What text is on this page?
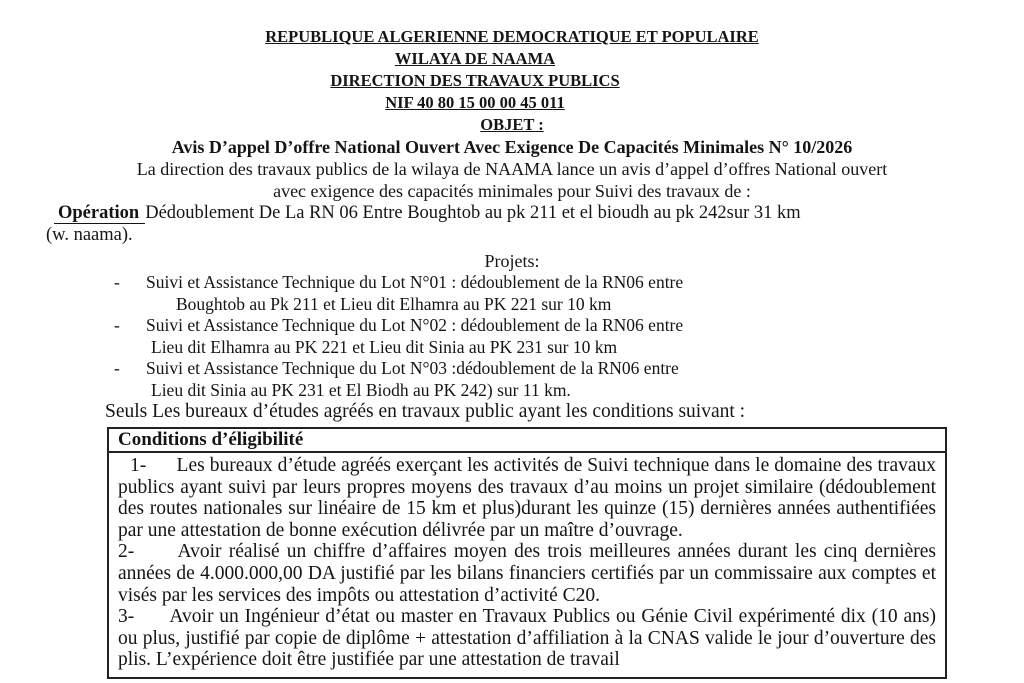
REPUBLIQUE ALGERIENNE DEMOCRATIQUE ET POPULAIRE
WILAYA DE NAAMA
DIRECTION DES TRAVAUX PUBLICS
NIF 40 80 15 00 00 45 011
OBJET :
Avis D’appel D’offre National Ouvert Avec Exigence De Capacités Minimales N° 10/2026
La direction des travaux publics de la wilaya de NAAMA lance un avis d’appel d’offres National ouvert
avec exigence des capacités minimales pour Suivi des travaux de :
Opération Dédoublement De La RN 06 Entre Boughtob au pk 211 et el bioudh au pk 242sur 31 km
(w. naama).
Projets:
- Suivi et Assistance Technique du Lot N°01 : dédoublement de la RN06 entre
Boughtob au Pk 211 et Lieu dit Elhamra au PK 221 sur 10 km
- Suivi et Assistance Technique du Lot N°02 : dédoublement de la RN06 entre
Lieu dit Elhamra au PK 221 et Lieu dit Sinia au PK 231 sur 10 km
- Suivi et Assistance Technique du Lot N°03 :dédoublement de la RN06 entre
Lieu dit Sinia au PK 231 et El Biodh au PK 242) sur 11 km.
Seuls Les bureaux d’études agréés en travaux public ayant les conditions suivant :
Conditions d’éligibilité

1-      Les bureaux d’étude agréés exerçant les activités de Suivi technique dans le domaine des travaux publics ayant suivi par leurs propres moyens des travaux d’au moins un projet similaire (dédoublement des routes nationales sur linéaire de 15 km et plus)durant les quinze (15) dernières années authentifiées par une attestation de bonne exécution délivrée par un maître d’ouvrage.

2-      Avoir réalisé un chiffre d’affaires moyen des trois meilleures années durant les cinq dernières années de 4.000.000,00 DA justifié par les bilans financiers certifiés par un commissaire aux comptes et visés par les services des impôts ou attestation d’activité C20.

3-      Avoir un Ingénieur d’état ou master en Travaux Publics ou Génie Civil expérimenté dix (10 ans) ou plus, justifié par copie de diplôme + attestation d’affiliation à la CNAS valide le jour d’ouverture des plis. L’expérience doit être justifiée par une attestation de travail
